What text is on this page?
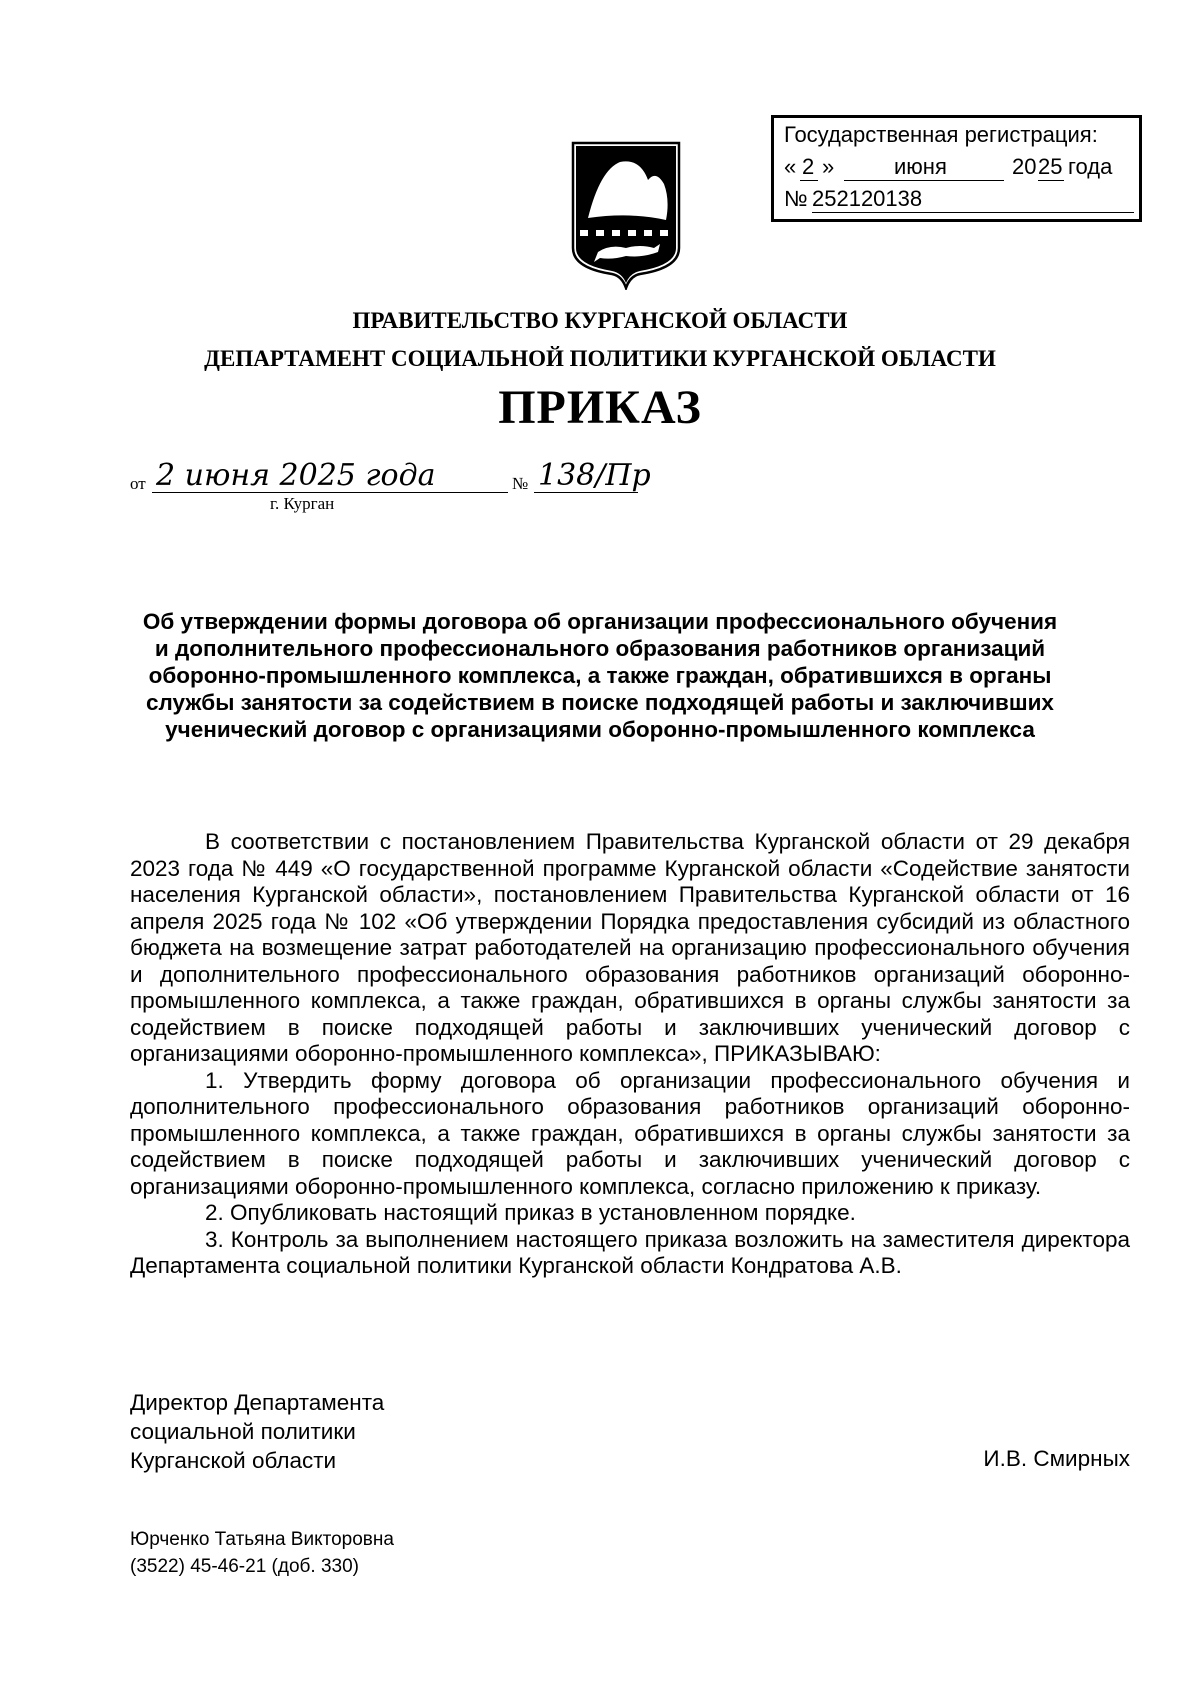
Государственная регистрация:
« 2 »	июня	20 25 года
№ 252120138
ПРАВИТЕЛЬСТВО КУРГАНСКОЙ ОБЛАСТИ
ДЕПАРТАМЕНТ СОЦИАЛЬНОЙ ПОЛИТИКИ КУРГАНСКОЙ ОБЛАСТИ
ПРИКАЗ
от 2 июня 2025 года	№ 138/Пр
г. Курган
Об утверждении формы договора об организации профессионального обучения
и дополнительного профессионального образования работников организаций
оборонно-промышленного комплекса, а также граждан, обратившихся в органы
службы занятости за содействием в поиске подходящей работы и заключивших
ученический договор с организациями оборонно-промышленного комплекса

В соответствии с постановлением Правительства Курганской области от 29 декабря 2023 года № 449 «О государственной программе Курганской области «Содействие занятости населения Курганской области», постановлением Правительства Курганской области от 16 апреля 2025 года № 102 «Об утверждении Порядка предоставления субсидий из областного бюджета на возмещение затрат работодателей на организацию профессионального обучения и дополнительного профессионального образования работников организаций оборонно-промышленного комплекса, а также граждан, обратившихся в органы службы занятости за содействием в поиске подходящей работы и заключивших ученический договор с организациями оборонно-промышленного комплекса», ПРИКАЗЫВАЮ:

1. Утвердить форму договора об организации профессионального обучения и дополнительного профессионального образования работников организаций оборонно-промышленного комплекса, а также граждан, обратившихся в органы службы занятости за содействием в поиске подходящей работы и заключивших ученический договор с организациями оборонно-промышленного комплекса, согласно приложению к приказу.

2. Опубликовать настоящий приказ в установленном порядке.

3. Контроль за выполнением настоящего приказа возложить на заместителя директора Департамента социальной политики Курганской области Кондратова А.В.

Директор Департамента
социальной политики
Курганской области	И.В. Смирных
Юрченко Татьяна Викторовна
(3522) 45-46-21 (доб. 330)
